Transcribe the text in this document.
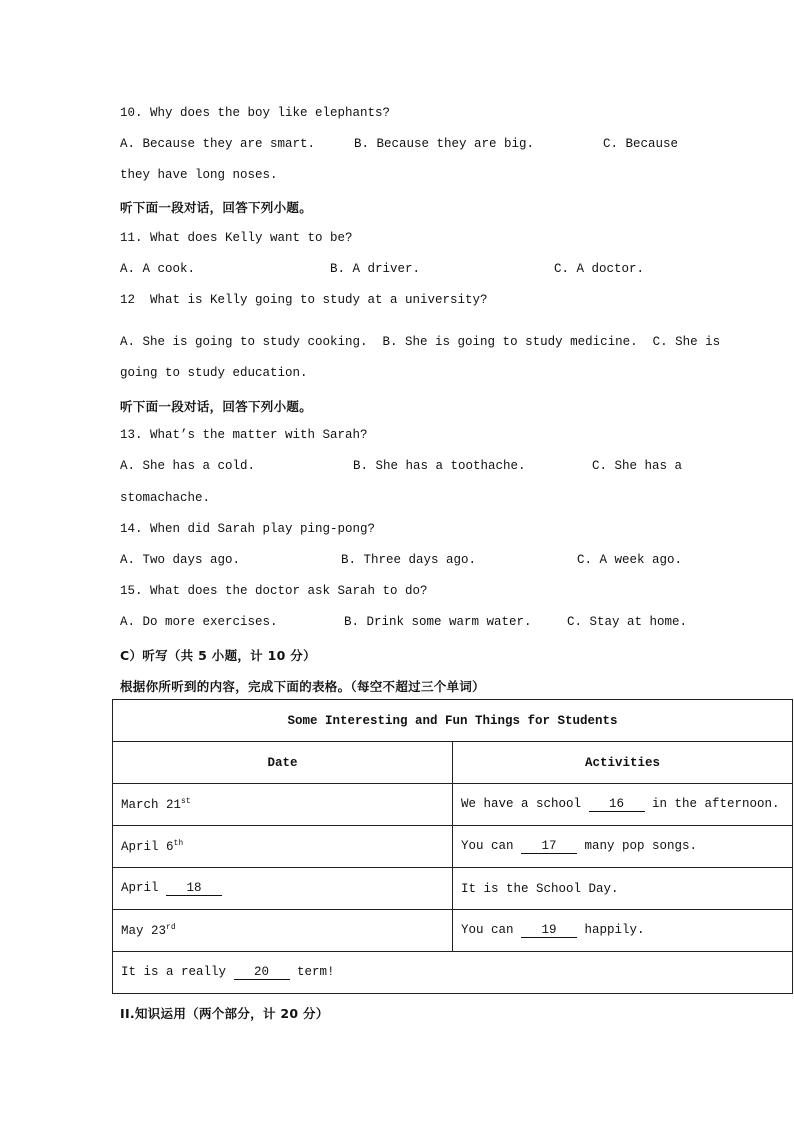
10. Why does the boy like elephants?
A. Because they are smart.	B. Because they are big.	C. Because
they have long noses.
听下面一段对话，回答下列小题。
11. What does Kelly want to be?
A. A cook.	B. A driver.	C. A doctor.
12  What is Kelly going to study at a university?
A. She is going to study cooking.  B. She is going to study medicine.  C. She is
going to study education.
听下面一段对话，回答下列小题。
13. What’s the matter with Sarah?
A. She has a cold.	B. She has a toothache.	C. She has a
stomachache.
14. When did Sarah play ping-pong?
A. Two days ago.	B. Three days ago.	C. A week ago.
15. What does the doctor ask Sarah to do?
A. Do more exercises.	B. Drink some warm water.	C. Stay at home.
C）听写（共 5 小题，计 10 分）
根据你所听到的内容，完成下面的表格。（每空不超过三个单词）
Some Interesting and Fun Things for Students	
Date	Activities
March 21st	We have a school 16 in the afternoon.
April 6th	You can 17 many pop songs.
April 18	It is the School Day.
May 23rd	You can 19 happily.
It is a really 20 term!	
II.知识运用（两个部分，计 20 分）
